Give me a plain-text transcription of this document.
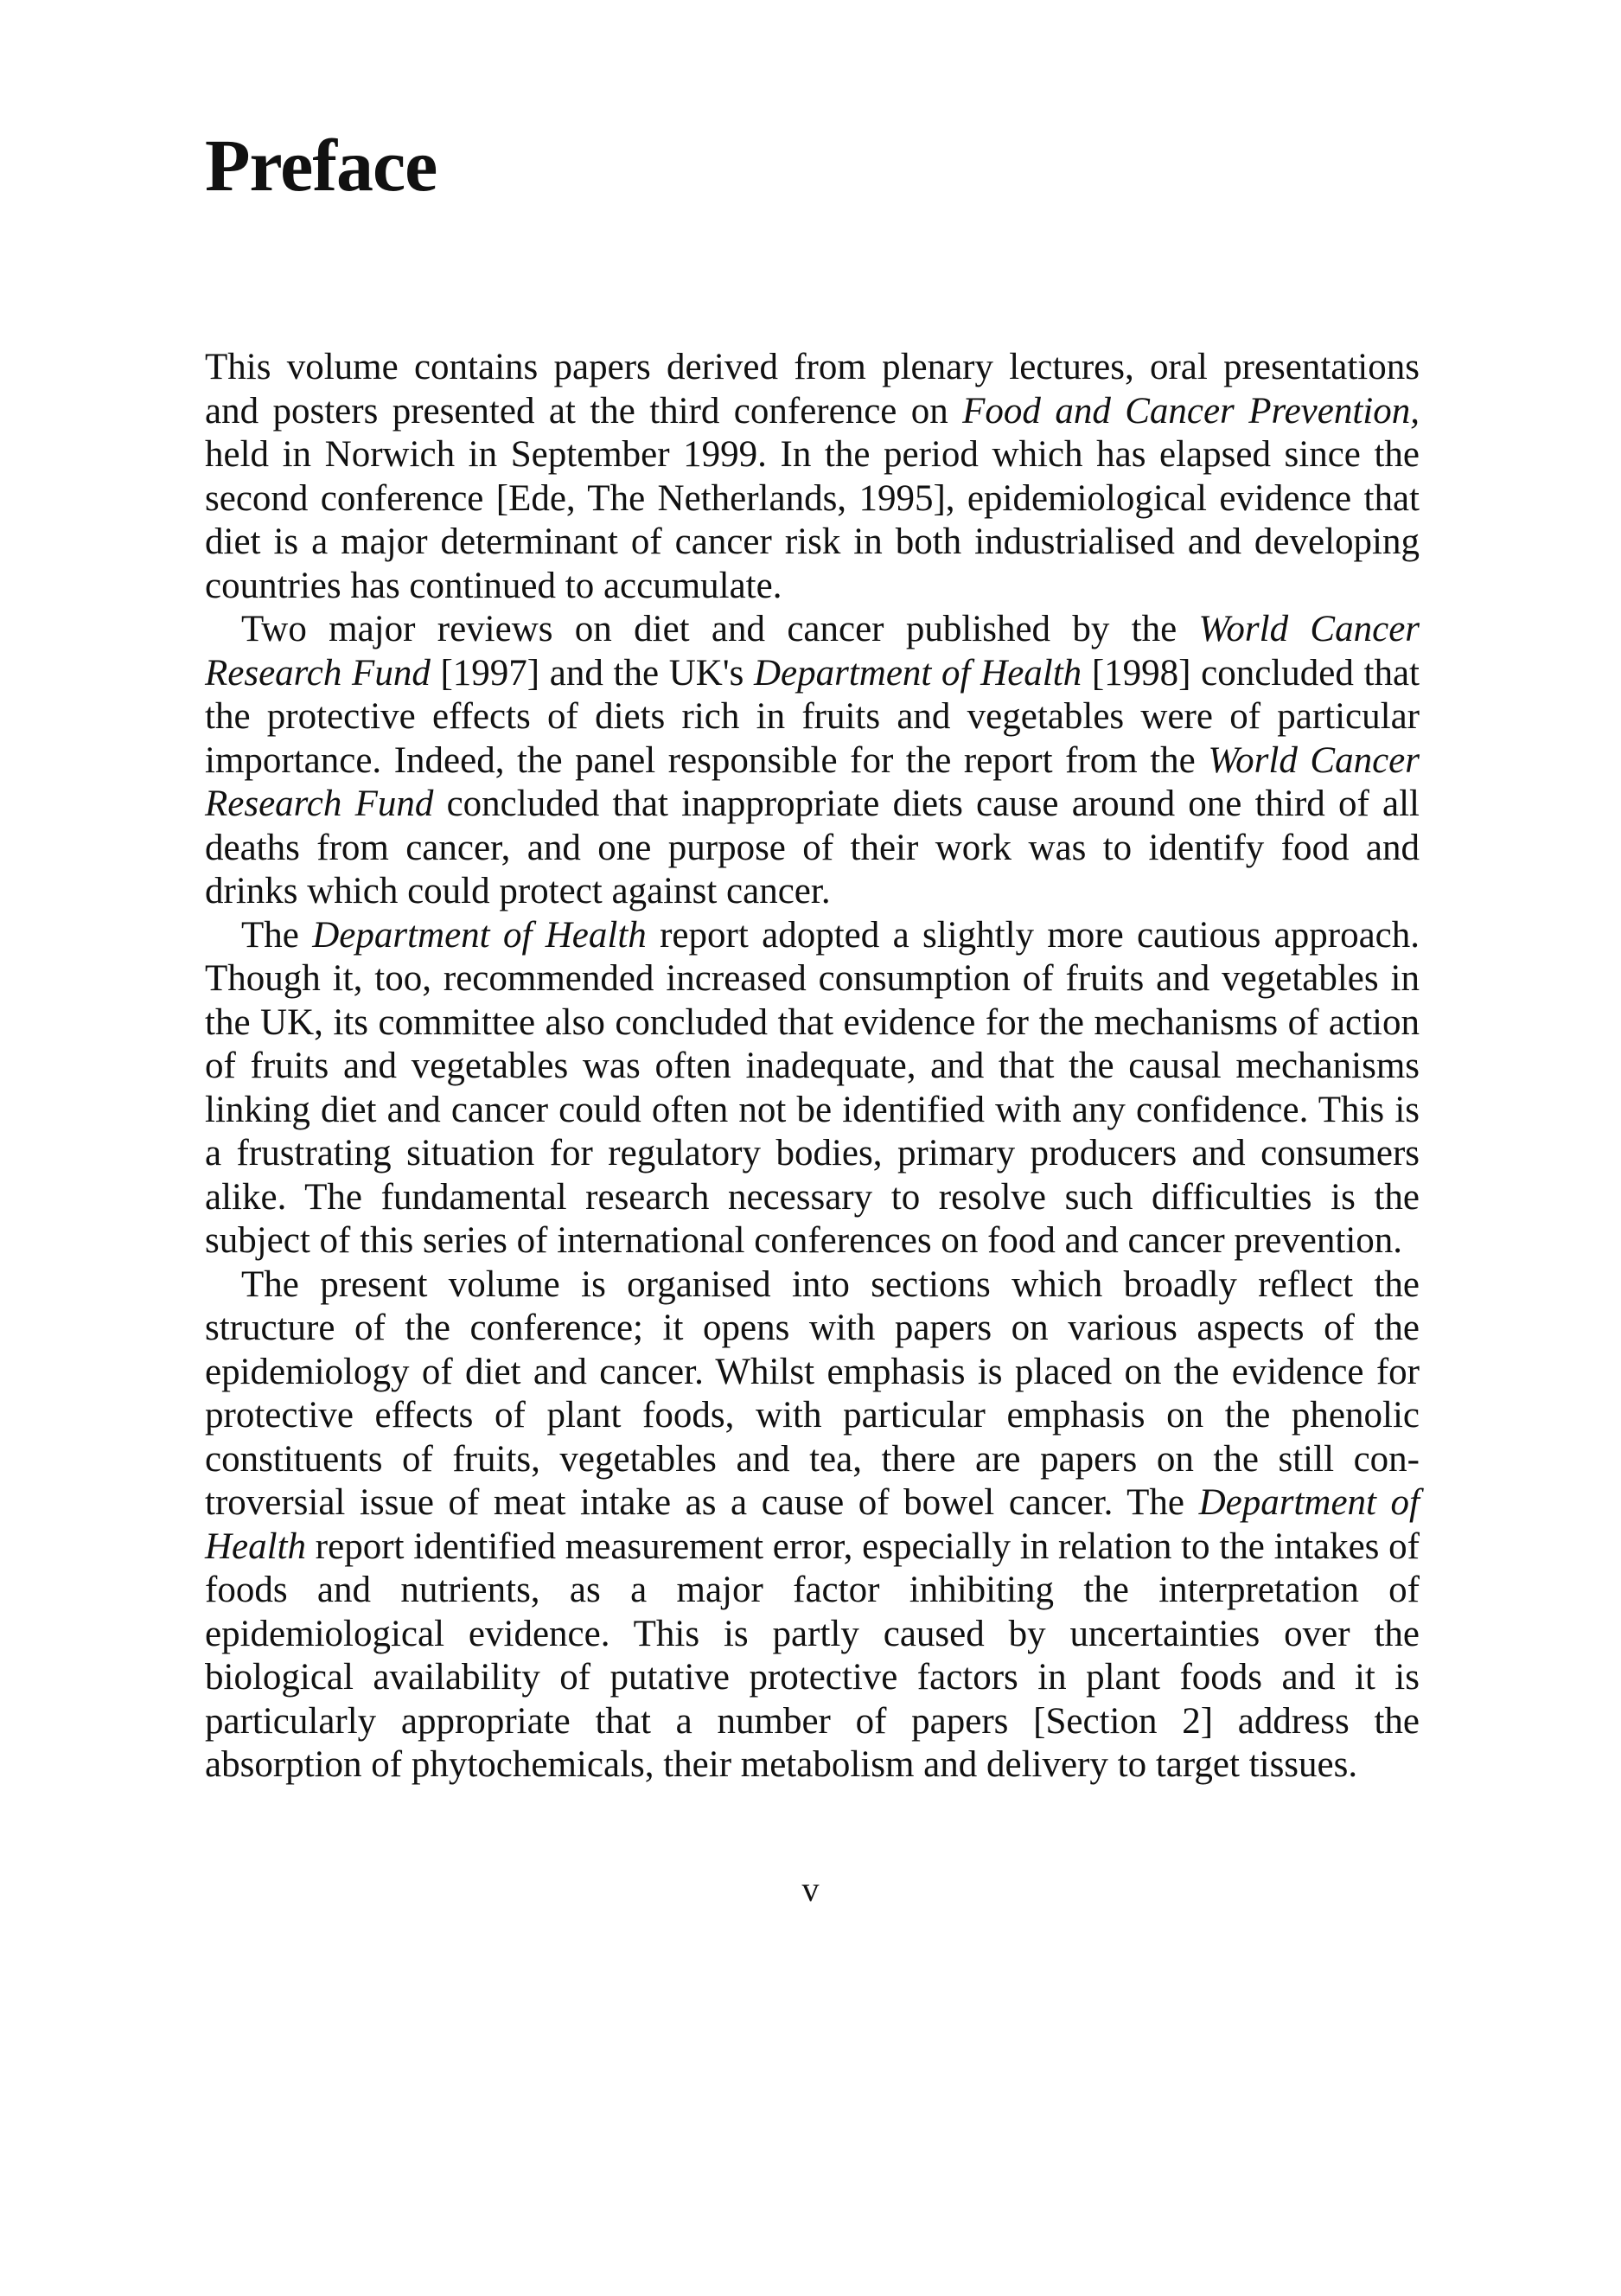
Preface

This volume contains papers derived from plenary lectures, oral presentations and posters presented at the third conference on Food and Cancer Prevention, held in Norwich in September 1999. In the period which has elapsed since the second conference [Ede, The Netherlands, 1995], epidemiological evidence that diet is a major determinant of cancer risk in both industrialised and developing countries has continued to accumulate.

Two major reviews on diet and cancer published by the World Cancer Research Fund [1997] and the UK's Department of Health [1998] concluded that the protective effects of diets rich in fruits and vegetables were of particular importance. Indeed, the panel responsible for the report from the World Cancer Research Fund concluded that inappropriate diets cause around one third of all deaths from cancer, and one purpose of their work was to identify food and drinks which could protect against cancer.

The Department of Health report adopted a slightly more cautious approach. Though it, too, recommended increased consumption of fruits and vegetables in the UK, its committee also concluded that evidence for the mechanisms of action of fruits and vegetables was often inadequate, and that the causal mechanisms linking diet and cancer could often not be identified with any confidence. This is a frustrating situation for regulatory bodies, primary producers and consumers alike. The fundamental research necessary to resolve such difficulties is the subject of this series of international conferences on food and cancer prevention.

The present volume is organised into sections which broadly reflect the structure of the conference; it opens with papers on various aspects of the epidemiology of diet and cancer. Whilst emphasis is placed on the evidence for protective effects of plant foods, with particular emphasis on the phenolic constituents of fruits, vegetables and tea, there are papers on the still controversial issue of meat intake as a cause of bowel cancer. The Department of Health report identified measurement error, especially in relation to the intakes of foods and nutrients, as a major factor inhibiting the interpretation of epidemiological evidence. This is partly caused by uncertainties over the biological availability of putative protective factors in plant foods and it is particularly appropriate that a number of papers [Section 2] address the absorption of phytochemicals, their metabolism and delivery to target tissues.

v
